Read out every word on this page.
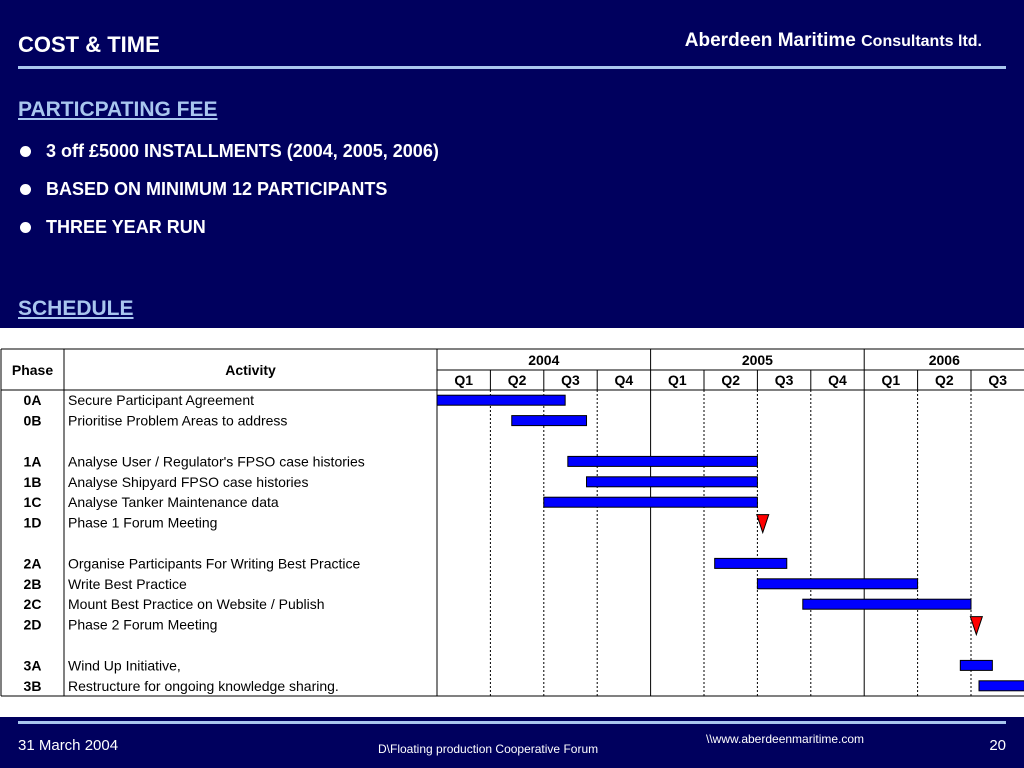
COST & TIME	Aberdeen Maritime Consultants ltd.
PARTICPATING FEE
3 off £5000 INSTALLMENTS (2004, 2005, 2006)
BASED ON MINIMUM 12 PARTICIPANTS
THREE YEAR RUN
SCHEDULE
Phase	Activity
2004
Q1 Q2 Q3 Q4
2005
Q1 Q2 Q3 Q4
2006
Q1 Q2 Q3
0A Secure Participant Agreement
0B Prioritise Problem Areas to address
1A Analyse User / Regulator's FPSO case histories
1B Analyse Shipyard FPSO case histories
1C Analyse Tanker Maintenance data
1D Phase 1 Forum Meeting
2A Organise Participants For Writing Best Practice
2B Write Best Practice
2C Mount Best Practice on Website / Publish
2D Phase 2 Forum Meeting
3A Wind Up Initiative,
3B Restructure for ongoing knowledge sharing.
31 March 2004	\\www.aberdeenmaritime.com
D\Floating production Cooperative Forum	20
